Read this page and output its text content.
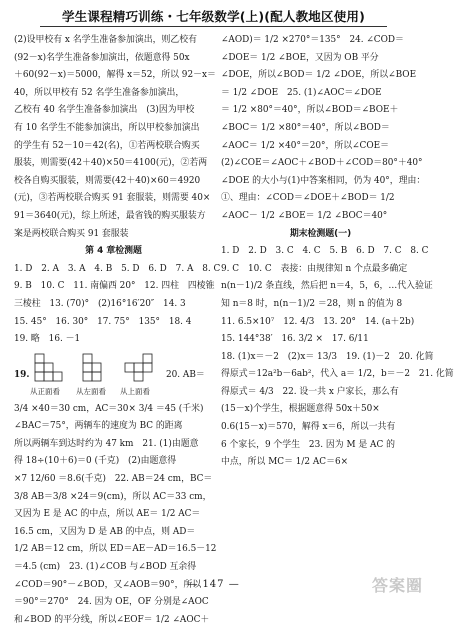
学生课程精巧训练・七年级数学(上)(配人教地区使用)
(2)设甲校有 x 名学生准备参加演出，则乙校有
(92－x)名学生准备参加演出，依题意得 50x
＋60(92－x)＝5000，解得 x＝52，所以 92－x＝
40，所以甲校有 52 名学生准备参加演出，
乙校有 40 名学生准备参加演出　(3)因为甲校
有 10 名学生不能参加演出，所以甲校参加演出
的学生有 52－10＝42(名)，①若两校联合购买
服装，则需要(42＋40)×50＝4100(元)，②若两
校各自购买服装，则需要(42＋40)×60＝4920
(元)，③若两校联合购买 91 套服装，则需要 40×
91＝3640(元)，综上所述，最省钱的购买服装方
案是两校联合购买 91 套服装
第 4 章检测题
1. D　2. A　3. A　4. B　5. D　6. D　7. A　8. C
9. B　10. C　11. 南偏西 20°　12. 四柱　四棱锥
三棱柱　13. (70)°　(2)16°16′20″　14. 3
15. 45°　16. 30°　17. 75°　135°　18. 4
19. 略　16. －1
19.
从正面看 从左面看 从上面看
20. AB＝
3/4 ×40＝30 cm，AC＝30× 3/4 ＝45 (千米)
∠BAC＝75°，两辆车的速度为 BC 的距离
所以两辆车到达时约为 47 km　21. (1)由题意
得 18÷(10＋6)＝0 (千克)　(2)由题意得
×7 12/60 ＝8.6(千克)　22. AB＝24 cm，BC＝
3/8 AB＝3/8 ×24＝9(cm)，所以 AC＝33 cm，
又因为 E 是 AC 的中点，所以 AE＝ 1/2 AC＝
16.5 cm，又因为 D 是 AB 的中点，则 AD＝
1/2 AB＝12 cm，所以 ED＝AE－AD＝16.5－12
＝4.5 (cm)　23. (1)∠COB 与∠BOD 互余得
∠COD＝90°－∠BOD，又∠AOB＝90°，所以
＝90°＝270°　24. 因为 OE，OF 分别是∠AOC
和∠BOD 的平分线，所以∠EOF＝ 1/2 ∠AOC＋
∠AOD)＝ 1/2 ×270°＝135°　24. ∠COD＝
∠DOE＝ 1/2 ∠BOE，又因为 OB 平分
∠DOE，所以∠BOD＝ 1/2 ∠DOE，所以∠BOE
＝ 1/2 ∠DOE　25. (1)∠AOC＝∠DOE
＝ 1/2 ×80°＝40°，所以∠BOD＝∠BOE＋
∠BOC＝ 1/2 ×80°＝40°，所以∠BOD＝
∠AOC＝ 1/2 ×40°＝20°，所以∠COE＝
(2)∠COE＝∠AOC＋∠BOD＋∠COD＝80°＋40°
∠DOE 的大小与(1)中答案相同，仍为 40°，理由：
①、理由：∠COD＝∠DOE＋∠BOD＝ 1/2
∠AOC－ 1/2 ∠BOE＝ 1/2 ∠BOC＝40°
期末检测题(一)
1. D　2. D　3. C　4. C　5. B　6. D　7. C　8. C
9. C　10. C　表接：由规律知 n 个点最多确定
n(n－1)/2 条直线，然后把 n＝4，5，6，…代入验证
知 n＝8 时，n(n－1)/2 ＝28，则 n 的值为 8
11. 6.5×10⁷　12. 4/3　13. 20°　14. (a＋2b)
15. 144°38′　16. 3/2 ×　17. 6/11
18. (1)x＝－2　(2)x＝ 13/3　19. (1)－2　20. 化简
得原式＝12a²b－6ab²，代入 a＝ 1/2，b＝－2　21. 化简
得原式＝ 4/3　22. 设一共 x 户家长，那么有
(15－x)个学生，根据题意得 50x＋50×
0.6(15－x)＝570，解得 x＝6，所以一共有
6 个家长，9 个学生　23. 因为 M 是 AC 的
中点，所以 MC＝ 1/2 AC＝6×
— 147 —	答案圈
